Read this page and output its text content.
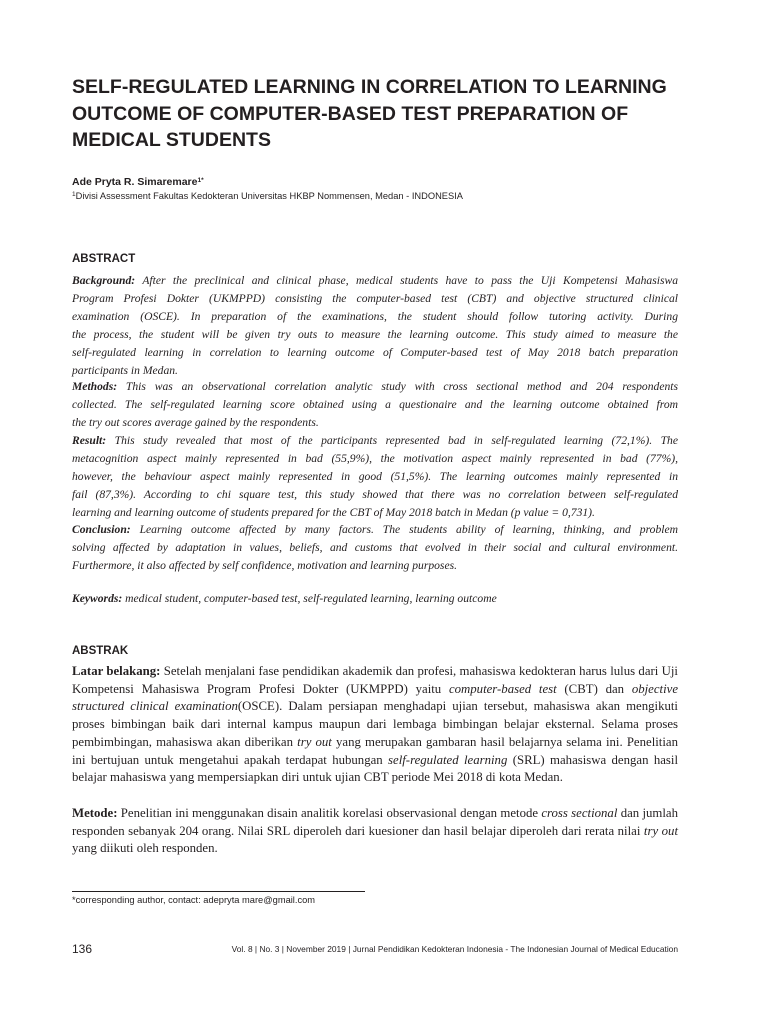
SELF-REGULATED LEARNING IN CORRELATION TO LEARNING
OUTCOME OF COMPUTER-BASED TEST PREPARATION OF
MEDICAL STUDENTS
Ade Pryta R. Simaremare$^{1*}$
$^1$Divisi Assessment Fakultas Kedokteran Universitas HKBP Nommensen, Medan - INDONESIA
ABSTRACT
Background: After the preclinical and clinical phase, medical students have to pass the Uji Kompetensi Mahasiswa
Program Profesi Dokter (UKMPPD) consisting the computer-based test (CBT) and objective structured clinical
examination (OSCE). In preparation of the examinations, the student should follow tutoring activity. During
the process, the student will be given try outs to measure the learning outcome. This study aimed to measure the
self-regulated learning in correlation to learning outcome of Computer-based test of May 2018 batch preparation
participants in Medan.
Methods: This was an observational correlation analytic study with cross sectional method and 204 respondents
collected. The self-regulated learning score obtained using a questionaire and the learning outcome obtained from
the try out scores average gained by the respondents.
Result: This study revealed that most of the participants represented bad in self-regulated learning (72,1%). The
metacognition aspect mainly represented in bad (55,9%), the motivation aspect mainly represented in bad (77%),
however, the behaviour aspect mainly represented in good (51,5%). The learning outcomes mainly represented in
fail (87,3%). According to chi square test, this study showed that there was no correlation between self-regulated
learning and learning outcome of students prepared for the CBT of May 2018 batch in Medan (p value = 0,731).
Conclusion: Learning outcome affected by many factors. The students ability of learning, thinking, and problem
solving affected by adaptation in values, beliefs, and customs that evolved in their social and cultural environment.
Furthermore, it also affected by self confidence, motivation and learning purposes.
Keywords: medical student, computer-based test, self-regulated learning, learning outcome
ABSTRAK
Latar belakang: Setelah menjalani fase pendidikan akademik dan profesi, mahasiswa kedokteran harus lulus dari Uji Kompetensi Mahasiswa Program Profesi Dokter (UKMPPD) yaitu computer-based test (CBT) dan objective structured clinical examination(OSCE). Dalam persiapan menghadapi ujian tersebut, mahasiswa akan mengikuti proses bimbingan baik dari internal kampus maupun dari lembaga bimbingan belajar eksternal. Selama proses pembimbingan, mahasiswa akan diberikan try out yang merupakan gambaran hasil belajarnya selama ini. Penelitian ini bertujuan untuk mengetahui apakah terdapat hubungan self-regulated learning (SRL) mahasiswa dengan hasil belajar mahasiswa yang mempersiapkan diri untuk ujian CBT periode Mei 2018 di kota Medan.
Metode: Penelitian ini menggunakan disain analitik korelasi observasional dengan metode cross sectional dan jumlah responden sebanyak 204 orang. Nilai SRL diperoleh dari kuesioner dan hasil belajar diperoleh dari rerata nilai try out yang diikuti oleh responden.
*corresponding author, contact: adepryta mare@gmail.com
136	Vol. 8 | No. 3 | November 2019 | Jurnal Pendidikan Kedokteran Indonesia - The Indonesian Journal of Medical Education
